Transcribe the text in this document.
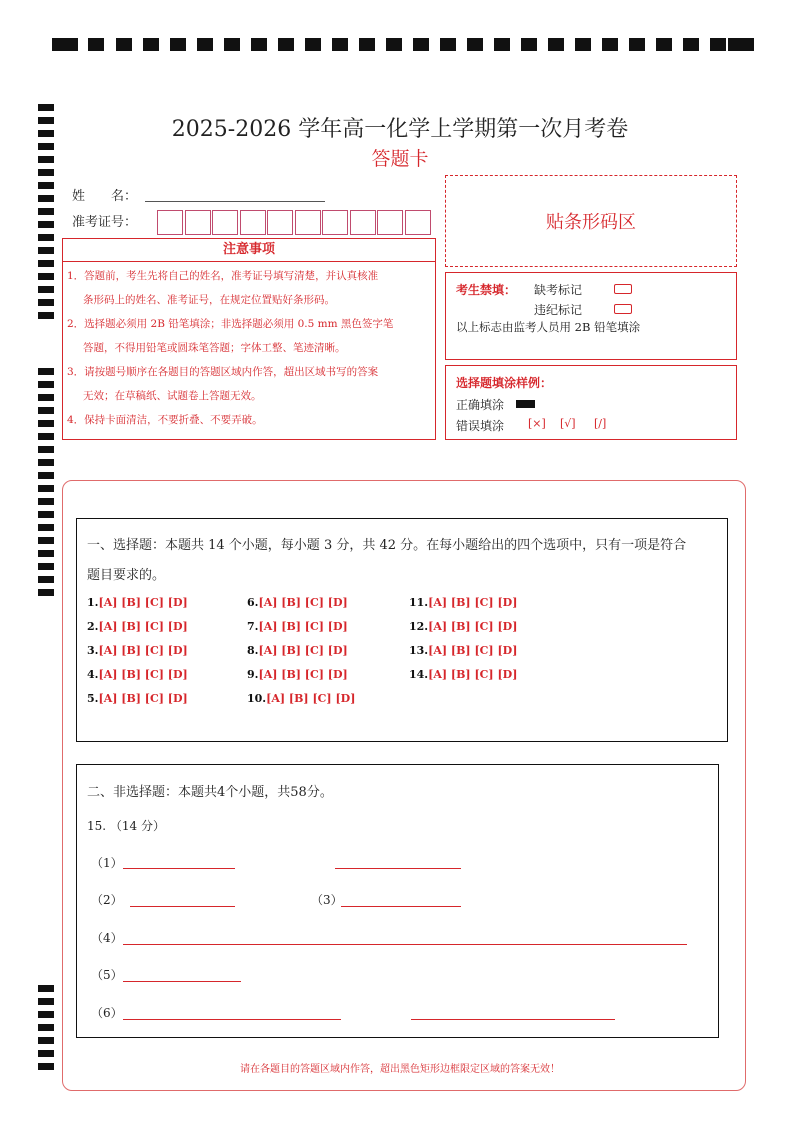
2025-2026 学年高一化学上学期第一次月考卷
答题卡
姓　　名：
准考证号：	贴条形码区
注意事项
1．答题前，考生先将自己的姓名，准考证号填写清楚，并认真核准
条形码上的姓名、准考证号，在规定位置贴好条形码。
2．选择题必须用 2B 铅笔填涂；非选择题必须用 0.5 mm 黑色签字笔
答题，不得用铅笔或圆珠笔答题；字体工整、笔迹清晰。
3．请按题号顺序在各题目的答题区域内作答，超出区域书写的答案
无效；在草稿纸、试题卷上答题无效。
4．保持卡面清洁，不要折叠、不要弄破。
考生禁填： 缺考标记
违纪标记
以上标志由监考人员用 2B 铅笔填涂
选择题填涂样例：
正确填涂
错误填涂 [×] [√] [/]
一、选择题：本题共 14 个小题，每小题 3 分，共 42 分。在每小题给出的四个选项中，只有一项是符合
题目要求的。
1.[A] [B] [C] [D]
2.[A] [B] [C] [D]
3.[A] [B] [C] [D]
4.[A] [B] [C] [D]
5.[A] [B] [C] [D]
6.[A] [B] [C] [D]
7.[A] [B] [C] [D]
8.[A] [B] [C] [D]
9.[A] [B] [C] [D]
10.[A] [B] [C] [D]
11.[A] [B] [C] [D]
12.[A] [B] [C] [D]
13.[A] [B] [C] [D]
14.[A] [B] [C] [D]
二、非选择题：本题共4个小题，共58分。
15. （14 分）
（1）
（2）	（3）
（4）
（5）
（6）
请在各题目的答题区域内作答，超出黑色矩形边框限定区域的答案无效！
